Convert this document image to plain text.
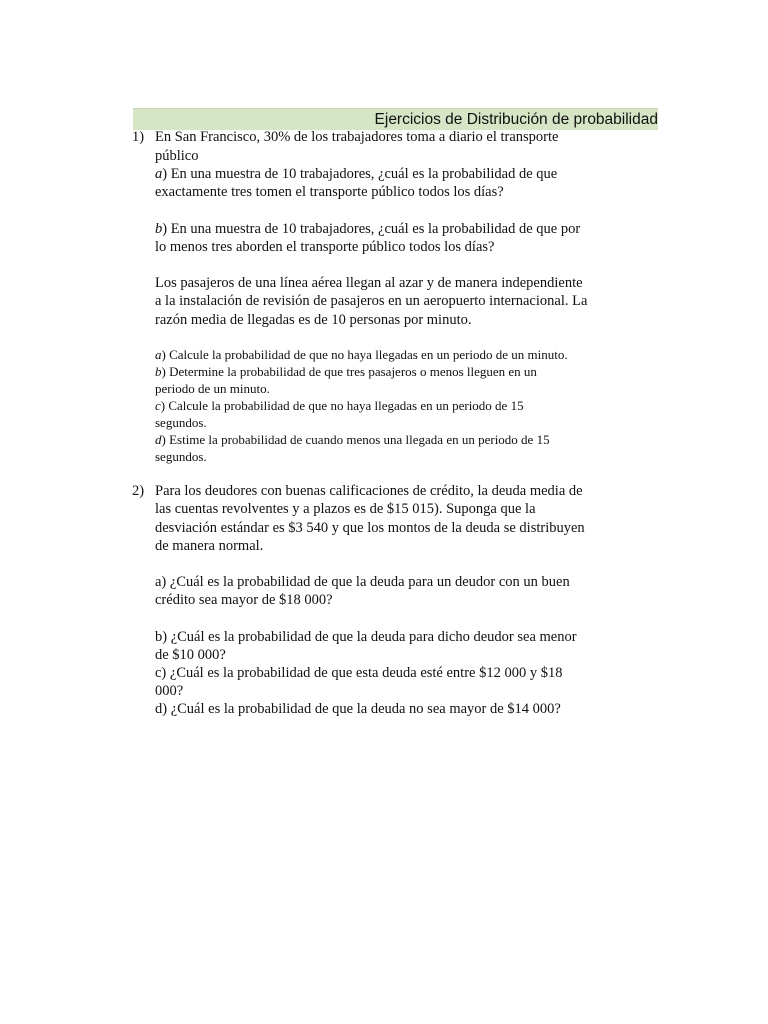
Ejercicios de Distribución de probabilidad
1) En San Francisco, 30% de los trabajadores toma a diario el transporte
público
a) En una muestra de 10 trabajadores, ¿cuál es la probabilidad de que
exactamente tres tomen el transporte público todos los días?
b) En una muestra de 10 trabajadores, ¿cuál es la probabilidad de que por
lo menos tres aborden el transporte público todos los días?
Los pasajeros de una línea aérea llegan al azar y de manera independiente
a la instalación de revisión de pasajeros en un aeropuerto internacional. La
razón media de llegadas es de 10 personas por minuto.
a) Calcule la probabilidad de que no haya llegadas en un periodo de un minuto.
b) Determine la probabilidad de que tres pasajeros o menos lleguen en un
periodo de un minuto.
c) Calcule la probabilidad de que no haya llegadas en un periodo de 15
segundos.
d) Estime la probabilidad de cuando menos una llegada en un periodo de 15
segundos.
2) Para los deudores con buenas calificaciones de crédito, la deuda media de
las cuentas revolventes y a plazos es de $15 015). Suponga que la
desviación estándar es $3 540 y que los montos de la deuda se distribuyen
de manera normal.
a) ¿Cuál es la probabilidad de que la deuda para un deudor con un buen
crédito sea mayor de $18 000?
b) ¿Cuál es la probabilidad de que la deuda para dicho deudor sea menor
de $10 000?
c) ¿Cuál es la probabilidad de que esta deuda esté entre $12 000 y $18
000?
d) ¿Cuál es la probabilidad de que la deuda no sea mayor de $14 000?
